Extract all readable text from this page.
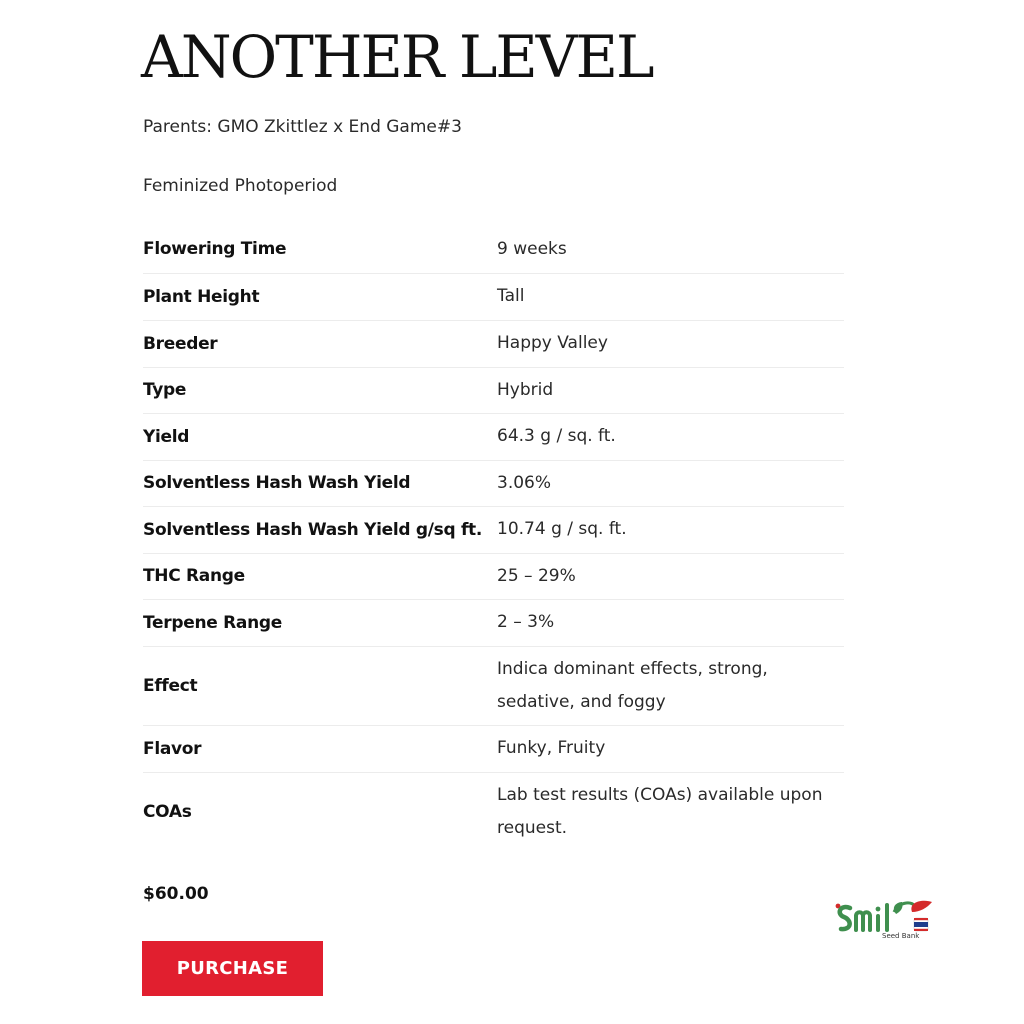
ANOTHER LEVEL

Parents: GMO Zkittlez x End Game#3

Feminized Photoperiod

Flowering Time	9 weeks
Plant Height	Tall
Breeder	Happy Valley
Type	Hybrid
Yield	64.3 g / sq. ft.
Solventless Hash Wash Yield	3.06%
Solventless Hash Wash Yield g/sq ft.	10.74 g / sq. ft.
THC Range	25 – 29%
Terpene Range	2 – 3%
Effect	Indica dominant effects, strong, sedative, and foggy
Flavor	Funky, Fruity
COAs	Lab test results (COAs) available upon request.

$60.00

PURCHASE
Seed Bank
